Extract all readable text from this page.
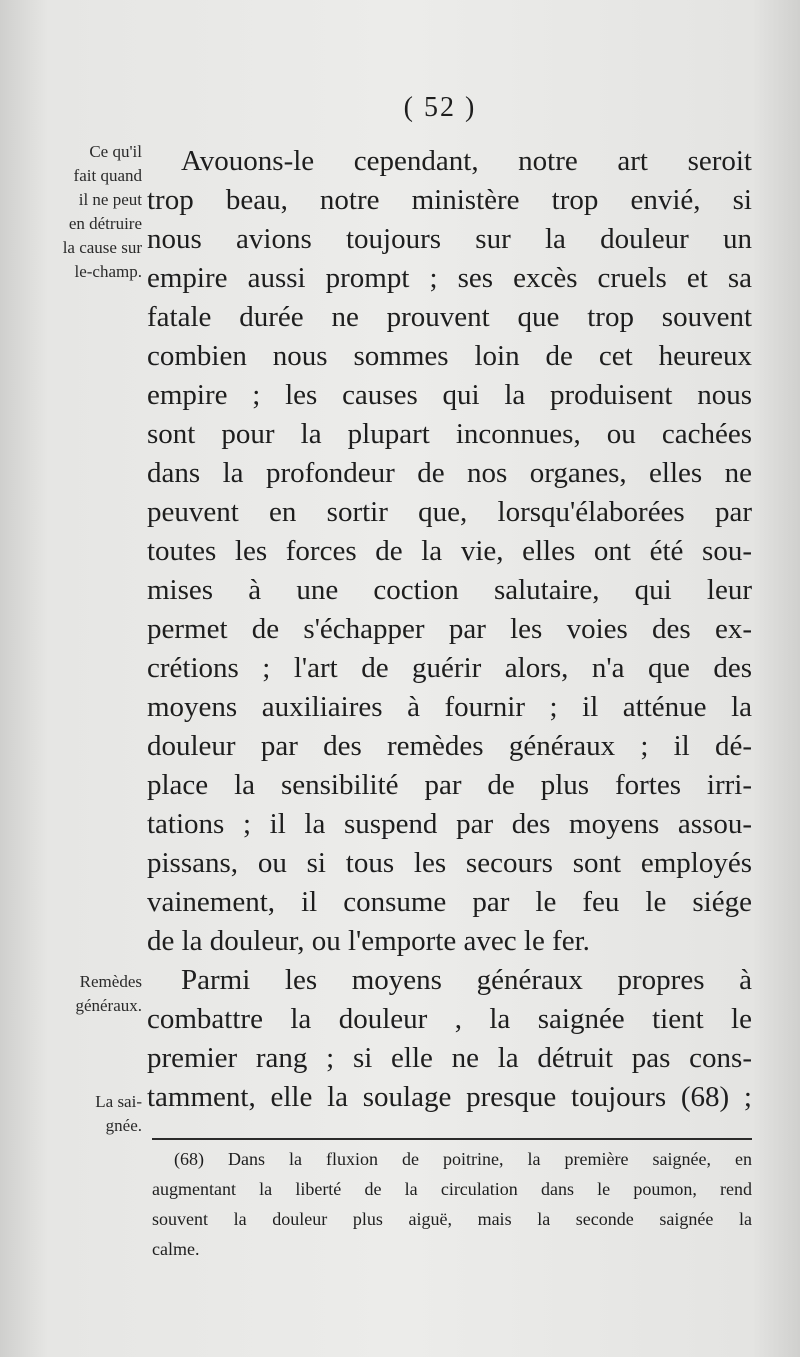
( 52 )
Ce qu'il
fait quand
il ne peut
en détruire
la cause sur
le-champ.
Remèdes
généraux.
La sai-
gnée.
Avouons-le cependant, notre art seroit
trop beau, notre ministère trop envié, si
nous avions toujours sur la douleur un
empire aussi prompt ; ses excès cruels et sa
fatale durée ne prouvent que trop souvent
combien nous sommes loin de cet heureux
empire ; les causes qui la produisent nous
sont pour la plupart inconnues, ou cachées
dans la profondeur de nos organes, elles ne
peuvent en sortir que, lorsqu'élaborées par
toutes les forces de la vie, elles ont été sou-
mises à une coction salutaire, qui leur
permet de s'échapper par les voies des ex-
crétions ; l'art de guérir alors, n'a que des
moyens auxiliaires à fournir ; il atténue la
douleur par des remèdes généraux ; il dé-
place la sensibilité par de plus fortes irri-
tations ; il la suspend par des moyens assou-
pissans, ou si tous les secours sont employés
vainement, il consume par le feu le siége
de la douleur, ou l'emporte avec le fer.
Parmi les moyens généraux propres à
combattre la douleur , la saignée tient le
premier rang ; si elle ne la détruit pas cons-
tamment, elle la soulage presque toujours (68) ;
(68) Dans la fluxion de poitrine, la première saignée, en
augmentant la liberté de la circulation dans le poumon, rend
souvent la douleur plus aiguë, mais la seconde saignée la
calme.
